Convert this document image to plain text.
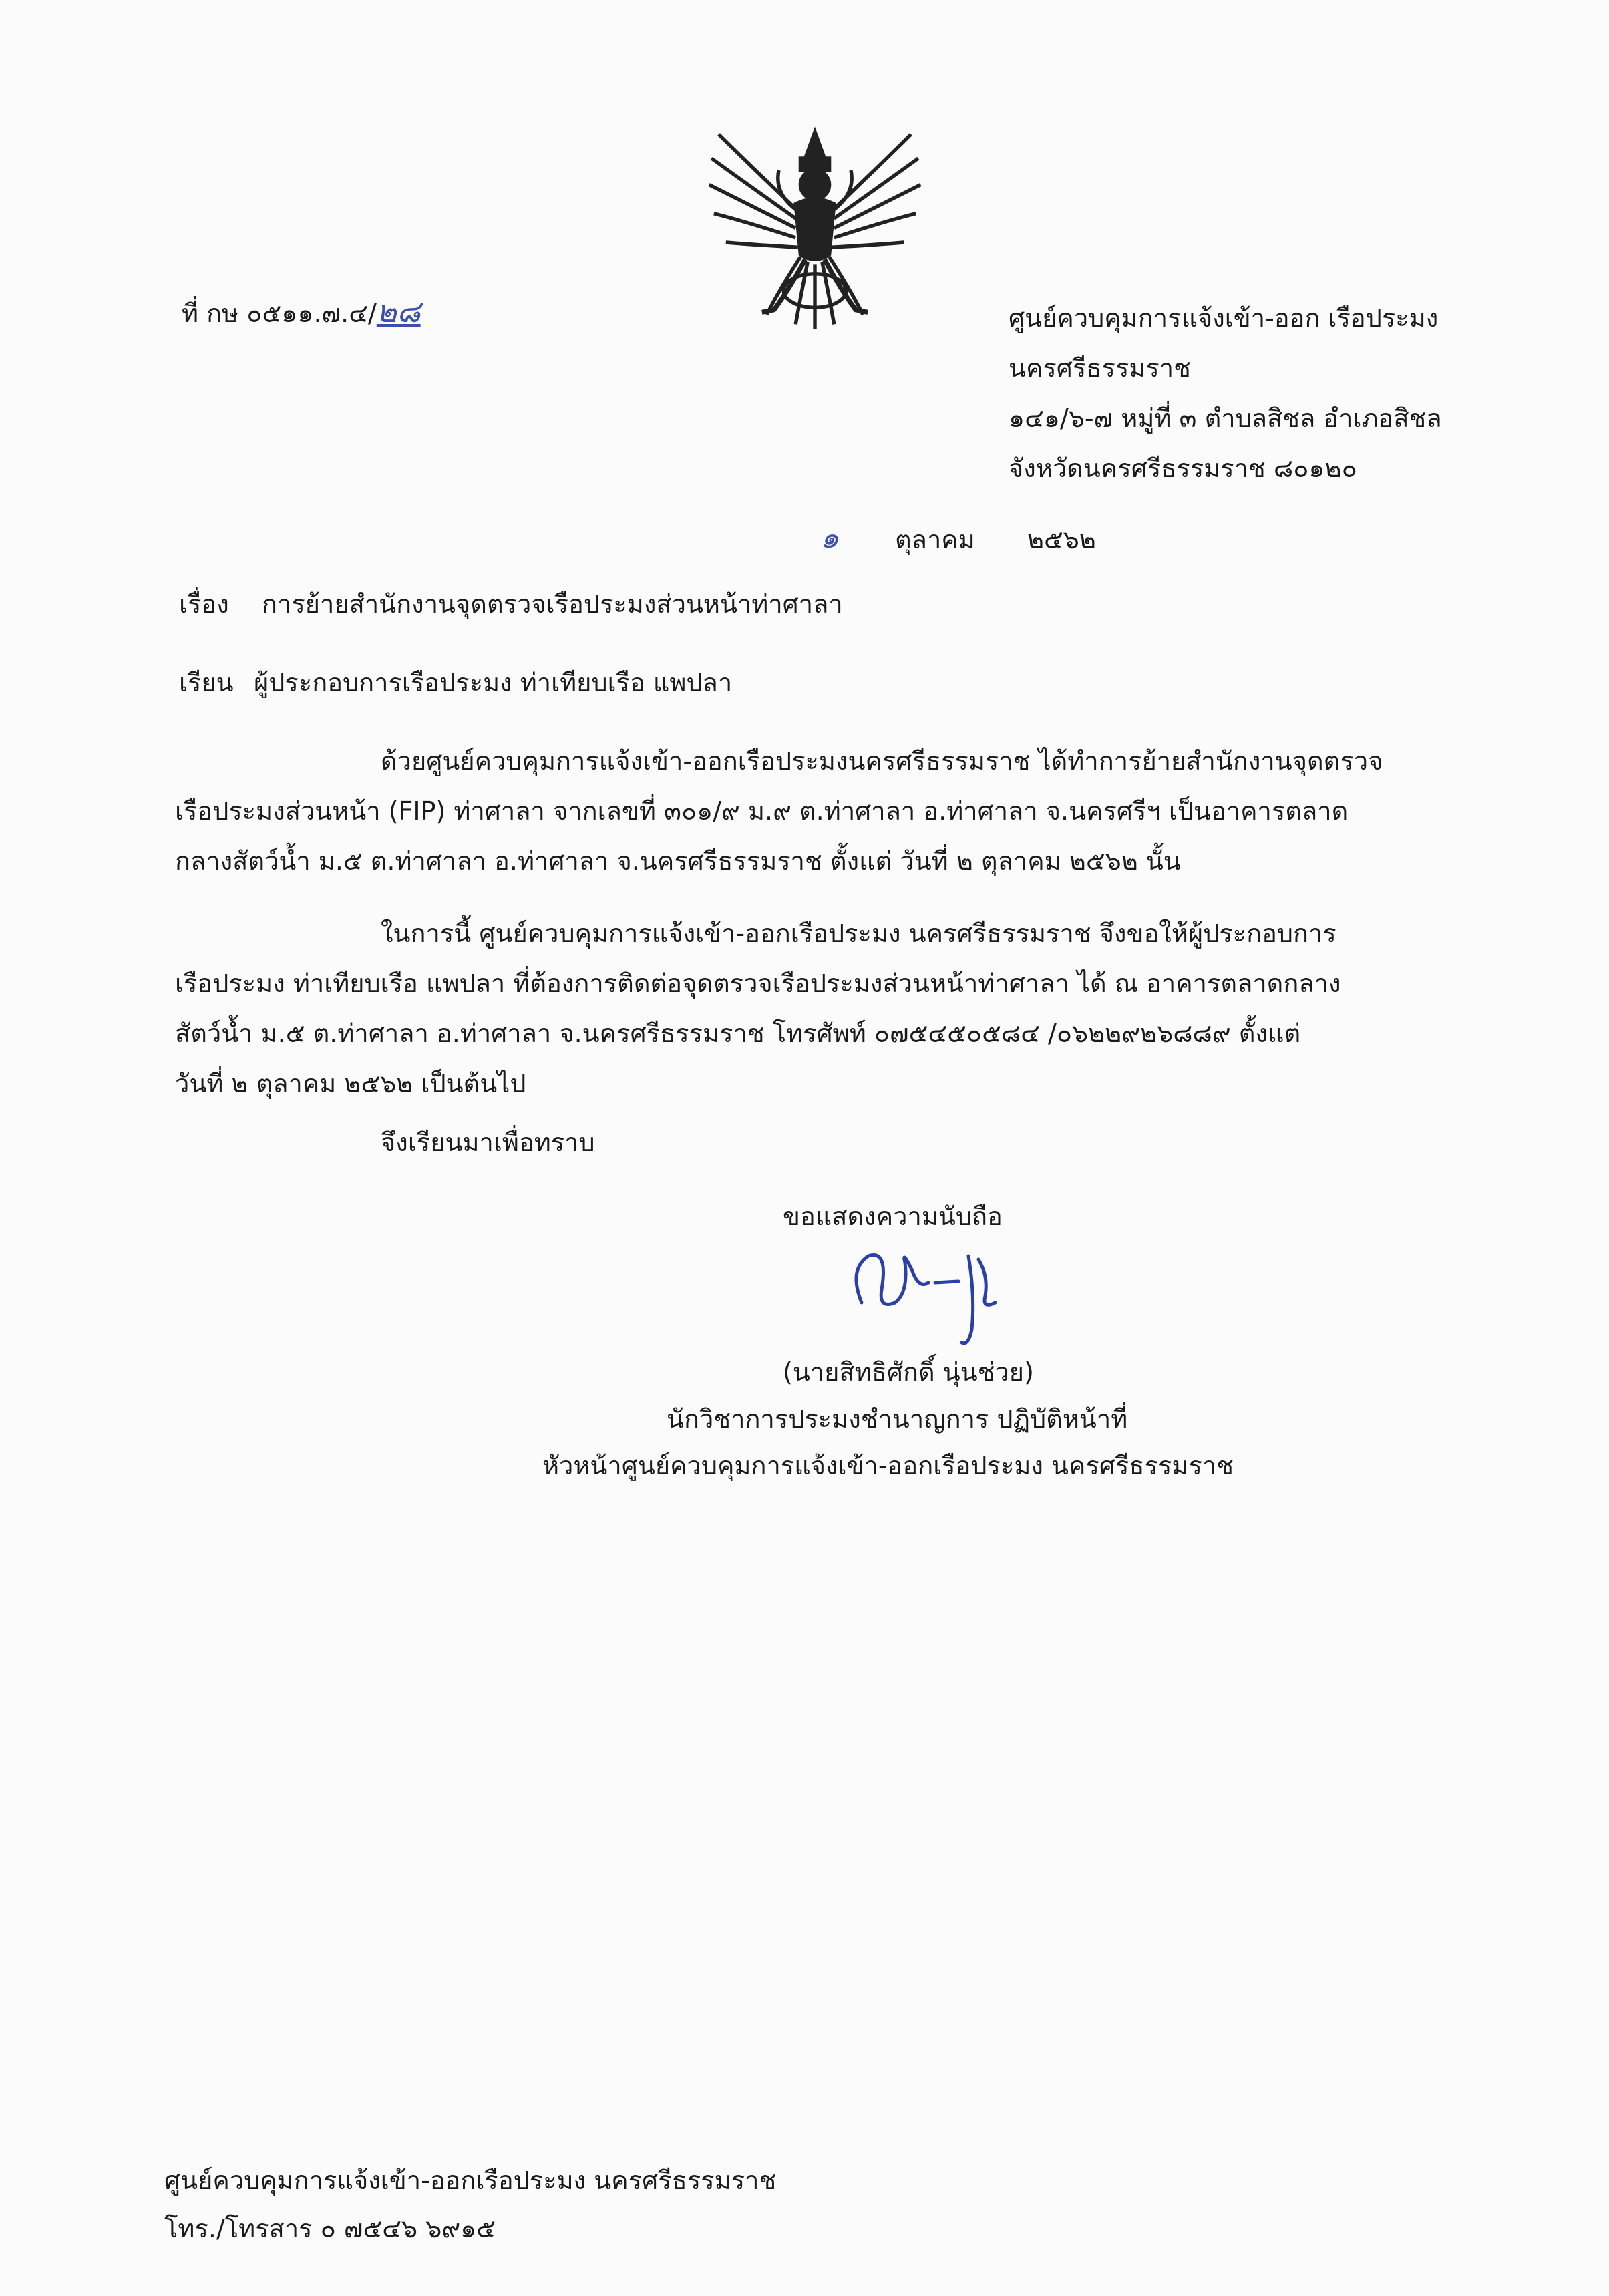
ที่ กษ ๐๕๑๑.๗.๔/๒๘	ศูนย์ควบคุมการแจ้งเข้า-ออก เรือประมง
นครศรีธรรมราช
๑๔๑/๖-๗ หมู่ที่ ๓ ตำบลสิชล อำเภอสิชล
จังหวัดนครศรีธรรมราช ๘๐๑๒๐
๑ ตุลาคม ๒๕๖๒
เรื่อง การย้ายสำนักงานจุดตรวจเรือประมงส่วนหน้าท่าศาลา
เรียน ผู้ประกอบการเรือประมง ท่าเทียบเรือ แพปลา
ด้วยศูนย์ควบคุมการแจ้งเข้า-ออกเรือประมงนครศรีธรรมราช ได้ทำการย้ายสำนักงานจุดตรวจ
เรือประมงส่วนหน้า (FIP) ท่าศาลา จากเลขที่ ๓๐๑/๙ ม.๙ ต.ท่าศาลา อ.ท่าศาลา จ.นครศรีฯ เป็นอาคารตลาด
กลางสัตว์น้ำ ม.๕ ต.ท่าศาลา อ.ท่าศาลา จ.นครศรีธรรมราช ตั้งแต่ วันที่ ๒ ตุลาคม ๒๕๖๒ นั้น
ในการนี้ ศูนย์ควบคุมการแจ้งเข้า-ออกเรือประมง นครศรีธรรมราช จึงขอให้ผู้ประกอบการ
เรือประมง ท่าเทียบเรือ แพปลา ที่ต้องการติดต่อจุดตรวจเรือประมงส่วนหน้าท่าศาลา ได้ ณ อาคารตลาดกลาง
สัตว์น้ำ ม.๕ ต.ท่าศาลา อ.ท่าศาลา จ.นครศรีธรรมราช โทรศัพท์ ๐๗๕๔๕๐๕๘๔ /๐๖๒๒๙๒๖๘๘๙ ตั้งแต่
วันที่ ๒ ตุลาคม ๒๕๖๒ เป็นต้นไป
จึงเรียนมาเพื่อทราบ
ขอแสดงความนับถือ
(นายสิทธิศักดิ์ นุ่นช่วย)
นักวิชาการประมงชำนาญการ ปฏิบัติหน้าที่
หัวหน้าศูนย์ควบคุมการแจ้งเข้า-ออกเรือประมง นครศรีธรรมราช
ศูนย์ควบคุมการแจ้งเข้า-ออกเรือประมง นครศรีธรรมราช
โทร./โทรสาร ๐ ๗๕๔๖ ๖๙๑๕
